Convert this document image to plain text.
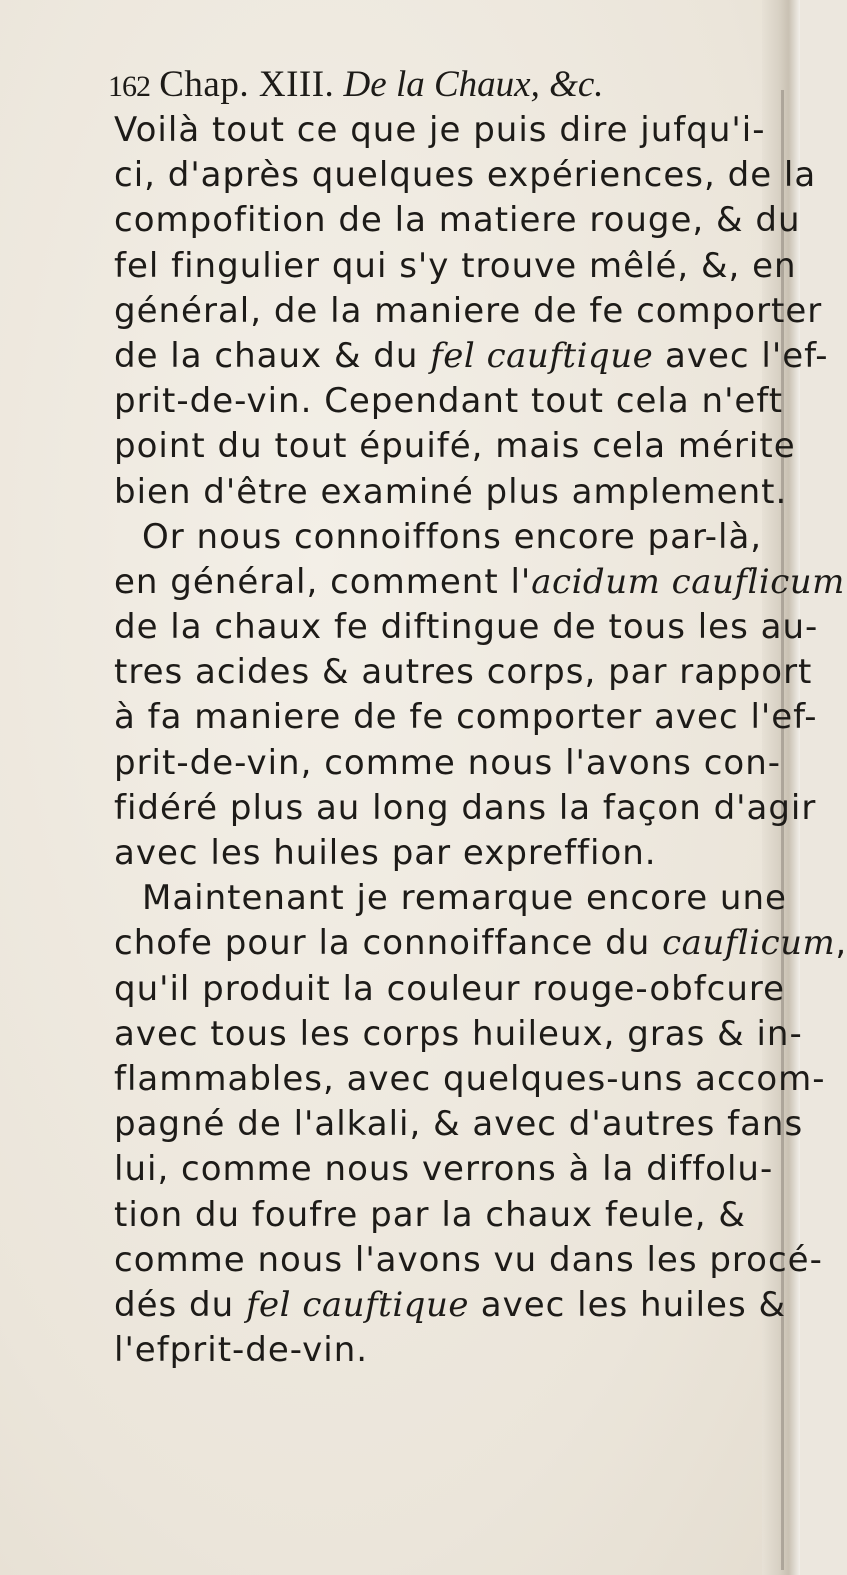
162 Chap. XIII. De la Chaux, &c.
Voilà tout ce que je puis dire jufqu'i-
ci, d'après quelques expériences, de la
compofition de la matiere rouge, & du
fel fingulier qui s'y trouve mêlé, &, en
général, de la maniere de fe comporter
de la chaux & du fel cauftique avec l'ef-
prit-de-vin. Cependant tout cela n'eft
point du tout épuifé, mais cela mérite
bien d'être examiné plus amplement.
Or nous connoiffons encore par-là,
en général, comment l'acidum cauflicum
de la chaux fe diftingue de tous les au-
tres acides & autres corps, par rapport
à fa maniere de fe comporter avec l'ef-
prit-de-vin, comme nous l'avons con-
fidéré plus au long dans la façon d'agir
avec les huiles par expreffion.
Maintenant je remarque encore une
chofe pour la connoiffance du cauflicum,
qu'il produit la couleur rouge-obfcure
avec tous les corps huileux, gras & in-
flammables, avec quelques-uns accom-
pagné de l'alkali, & avec d'autres fans
lui, comme nous verrons à la diffolu-
tion du foufre par la chaux feule, &
comme nous l'avons vu dans les procé-
dés du fel cauftique avec les huiles &
l'efprit-de-vin.
